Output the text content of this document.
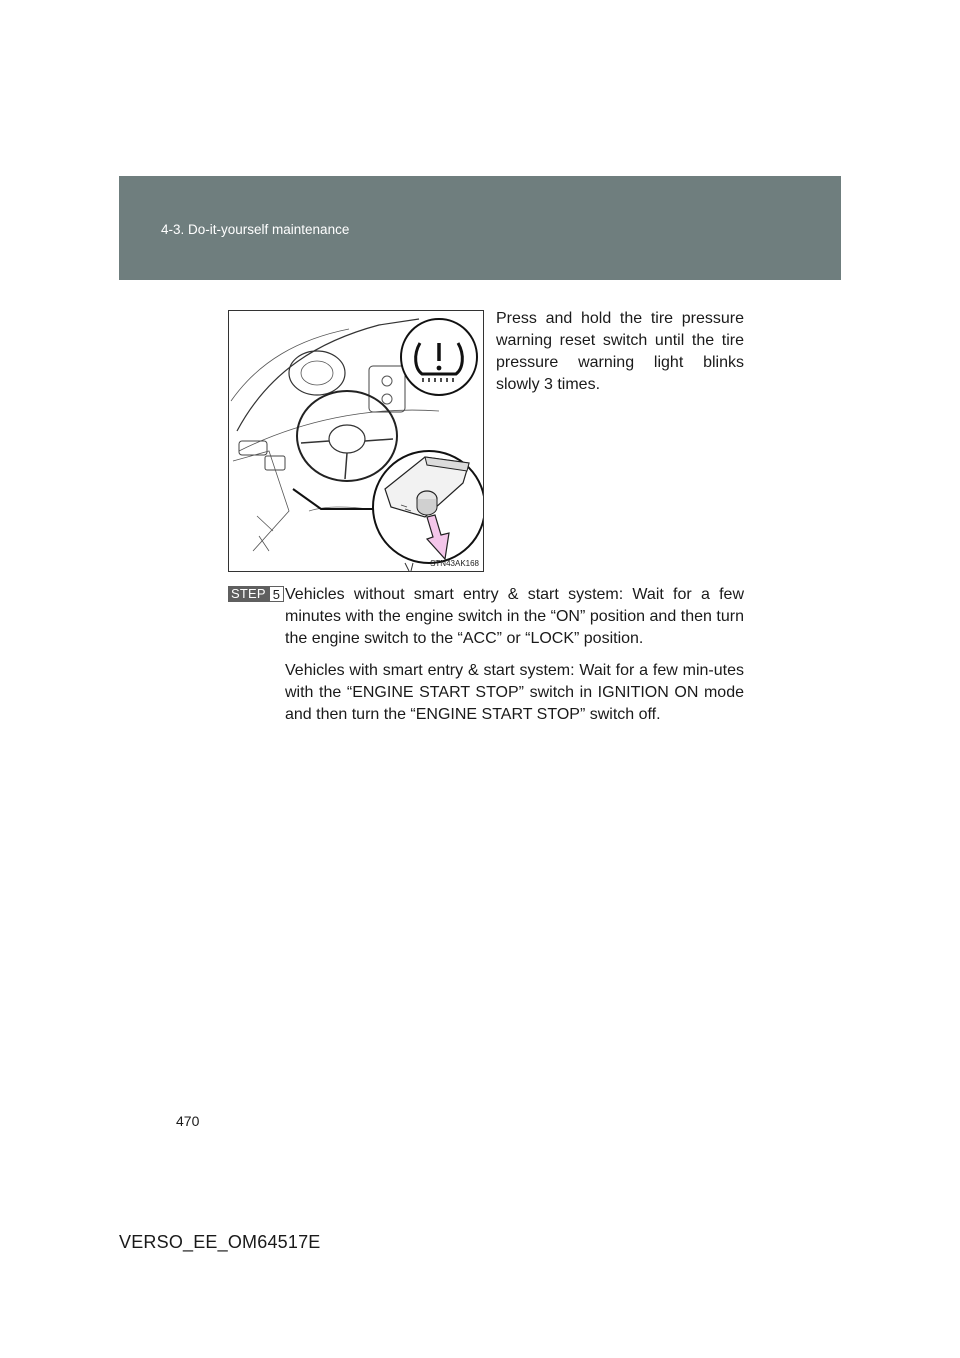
4-3. Do-it-yourself maintenance
STN43AK168

Press and hold the tire pressure warning reset switch until the tire pressure warning light blinks slowly 3 times.

STEP 5 Vehicles without smart entry & start system: Wait for a few minutes with the engine switch in the “ON” position and then turn the engine switch to the “ACC” or “LOCK” position.

Vehicles with smart entry & start system: Wait for a few min-utes with the “ENGINE START STOP” switch in IGNITION ON mode and then turn the “ENGINE START STOP” switch off.

470
VERSO_EE_OM64517E
